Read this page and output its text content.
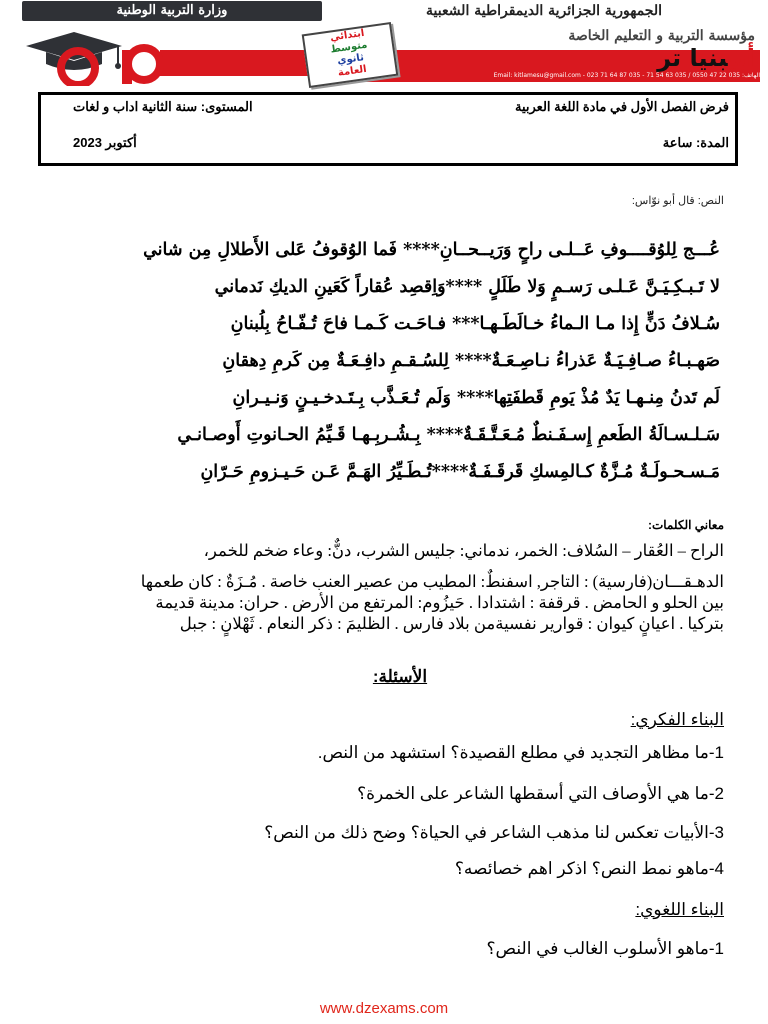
وزارة التربية الوطنية	الجمهورية الجزائرية الديمقراطية الشعبية
الهاتف: 035 22 47 0550 / 035 63 54 71 - 035 87 64 71 023 - Email: kitlamesu@gmail.com
ابتدائي
متوسط
ثانوي
العامة
مؤسسة التربية و التعليم الخاصة
أبيبنيا تر
فرض الفصل الأول في مادة اللغة العربية
المستوى: سنة الثانية اداب و لغات
المدة: ساعة
أكتوبر 2023
النص: قال أبو نوّاس:
عُـــج لِلوُقــــوفِ عَــلـى راحٍ وَرَيــحــانِ**** فَما الوُقوفُ عَلى الأَطلالِ مِن شاني
لا تَـبـكِـيَـنَّ عَـلـى رَسـمٍ وَلا طَلَلٍ ****وَاِقصِد عُقاراً كَعَينِ الديكِ نَدماني
سُـلافُ دَنٍّ إِذا مـا الـماءُ خـالَطَـهـا*** فـاحَـت كَـمـا فاحَ تُـفّـاحُ بِلُبنانِ
صَهـبـاءُ صـافِـيَـةٌ عَذراءُ نـاصِـعَـةٌ**** لِلسُـقـمِ دافِـعَـةٌ مِن كَرمِ دِهقانِ
لَم تَدنُ مِنـهـا يَدٌ مُذْ يَومِ قَطفَتِها**** وَلَم تُـعَـذَّب بِـتَـدخـيـنٍ وَنـيـرانِ
سَـلـسـالَةُ الطَعمِ إِسـفَـنطٌ مُـعَـتَّـقَـةٌ**** بِـشُـربِـهـا قَـيِّمُ الحـانوتِ أَوصـانـي
مَـسـحـولَـةٌ مُـزَّةٌ كـالمِسكِ قَرقَـفَـةٌ****تُـطَـيِّرُ الهَـمَّ عَـن حَـيـزومِ حَـرّانِ
معاني الكلمات:

الراح – العُقار – السُلاف: الخمر، ندماني: جليس الشرب، دنٌّ: وعاء ضخم للخمر،

الدهـقـــان(فارسية) : التاجر, اسفنطٌ: المطيب من عصير العنب خاصة . مُـزَةٌ : كان طعمها

بين الحلو و الحامض . قرقفة : اشتدادا . حَيزُوم: المرتفع من الأرض . حران: مدينة قديمة

بتركيا . اعيانٍ كيوان : قوارير نفسيةمن بلاد فارس . الظليمَ : ذكر النعام . ثَهْلانٍ : جبل

الأسئلة:
البناء الفكري:
1-ما مظاهر التجديد في مطلع القصيدة؟ استشهد من النص.
2-ما هي الأوصاف التي أسقطها الشاعر على الخمرة؟
3-الأبيات تعكس لنا مذهب الشاعر في الحياة؟ وضح ذلك من النص؟
4-ماهو نمط النص؟ اذكر اهم خصائصه؟
البناء اللغوي:
1-ماهو الأسلوب الغالب في النص؟
www.dzexams.com
